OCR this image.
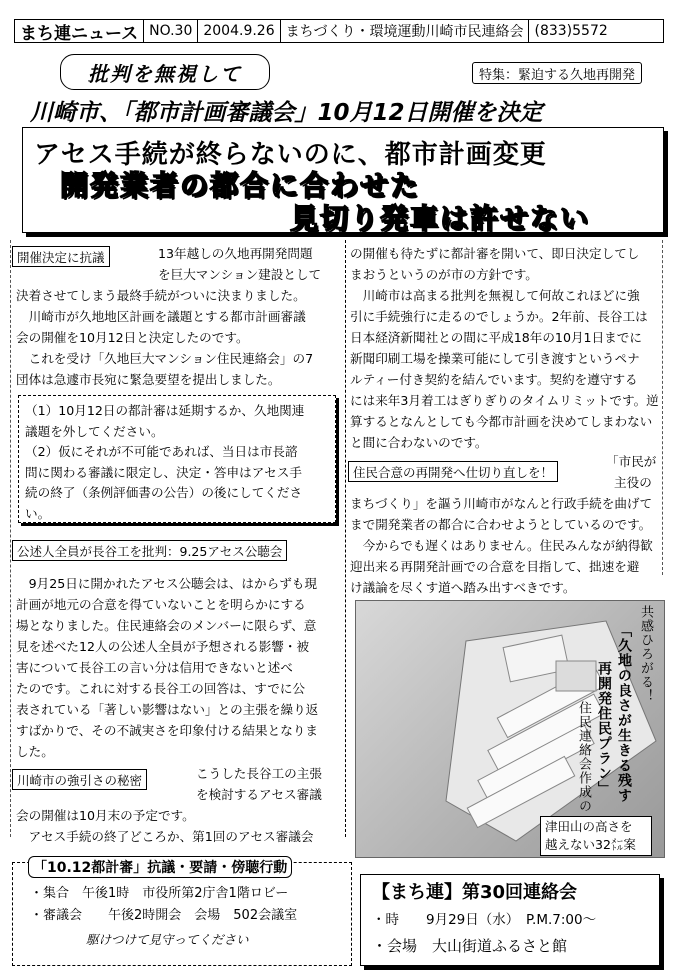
まち連ニュース NO.30 2004.9.26 まちづくり・環境運動川崎市民連絡会 (833)5572
批判を無視して	特集：緊迫する久地再開発
川崎市、「都市計画審議会」10月12日開催を決定
アセス手続が終らないのに、都市計画変更
開発業者の都合に合わせた
見切り発車は許せない
開催決定に抗議	13年越しの久地再開発問題
を巨大マンション建設として
決着させてしまう最終手続がついに決まりました。
　川崎市が久地地区計画を議題とする都市計画審議
会の開催を10月12日と決定したのです。
　これを受け「久地巨大マンション住民連絡会」の7
団体は急遽市長宛に緊急要望を提出しました。
（1）10月12日の都計審は延期するか、久地関連
議題を外してください。
（2）仮にそれが不可能であれば、当日は市長諮
問に関わる審議に限定し、決定・答申はアセス手
続の終了（条例評価書の公告）の後にしてくださ
い。
公述人全員が長谷工を批判：9.25アセス公聴会
　9月25日に開かれたアセス公聴会は、はからずも現
計画が地元の合意を得ていないことを明らかにする
場となりました。住民連絡会のメンバーに限らず、意
見を述べた12人の公述人全員が予想される影響・被
害について長谷工の言い分は信用できないと述べ
たのです。これに対する長谷工の回答は、すでに公
表されている「著しい影響はない」との主張を繰り返
すばかりで、その不誠実さを印象付ける結果となりま
した。
川崎市の強引さの秘密	こうした長谷工の主張
を検討するアセス審議
会の開催は10月末の予定です。
　アセス手続の終了どころか、第1回のアセス審議会
の開催も待たずに都計審を開いて、即日決定してし
まおうというのが市の方針です。
　川崎市は高まる批判を無視して何故これほどに強
引に手続強行に走るのでしょうか。2年前、長谷工は
日本経済新聞社との間に平成18年の10月1日までに
新聞印刷工場を操業可能にして引き渡すというペナ
ルティー付き契約を結んでいます。契約を遵守する
には来年3月着工はぎりぎりのタイムリミットです。逆
算するとなんとしても今都市計画を決めてしまわない
と間に合わないのです。
住民合意の再開発へ仕切り直しを！
「市民が
主役の
まちづくり」を謳う川崎市がなんと行政手続を曲げて
まで開発業者の都合に合わせようとしているのです。
　今からでも遅くはありません。住民みんなが納得歓
迎出来る再開発計画での合意を目指して、拙速を避
け議論を尽くす道へ踏み出すべきです。
共感ひろがる！
「久地の良さが生きる残す
再開発住民プラン」
住民連絡会作成の
津田山の高さを
越えない32㍍案
「10.12都計審」抗議・要請・傍聴行動
・集合　午後1時　市役所第2庁舎1階ロビー
・審議会　　午後2時開会　会場　502会議室
駆けつけて見守ってください
【まち連】第30回連絡会
・時　　9月29日（水）　P.M.7:00～
・会場　大山街道ふるさと館
